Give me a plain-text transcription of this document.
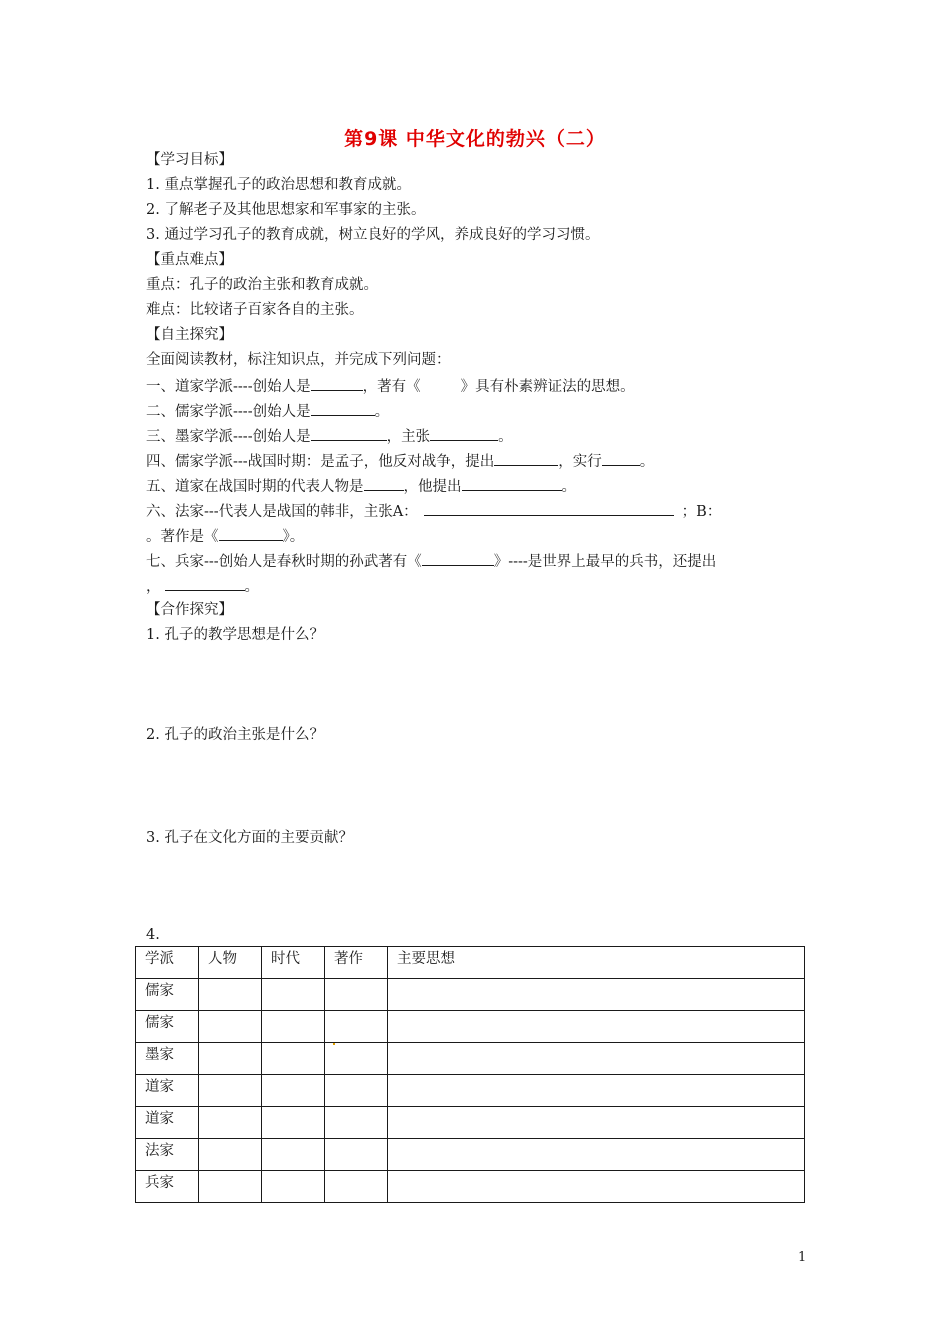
第9课 中华文化的勃兴（二）
【学习目标】
1. 重点掌握孔子的政治思想和教育成就。
2. 了解老子及其他思想家和军事家的主张。
3. 通过学习孔子的教育成就，树立良好的学风，养成良好的学习习惯。
【重点难点】
重点：孔子的政治主张和教育成就。
难点：比较诸子百家各自的主张。
【自主探究】
全面阅读教材，标注知识点，并完成下列问题：
一、道家学派----创始人是	，著有《	》具有朴素辨证法的思想。
二、儒家学派----创始人是	。
三、墨家学派----创始人是	，主张	。
四、儒家学派---战国时期：是孟子，他反对战争，提出	，实行	。
五、道家在战国时期的代表人物是	，他提出	。
六、法家---代表人是战国的韩非，主张A：	；B：
。著作是《	》。
七、兵家---创始人是春秋时期的孙武著有《	》----是世界上最早的兵书，还提出
，	。
【合作探究】
1. 孔子的教学思想是什么？
2. 孔子的政治主张是什么？
3. 孔子在文化方面的主要贡献？
4.
学派	人物	时代	著作	主要思想
儒家				
儒家				
墨家				
道家				
道家				
法家				
兵家				
1
